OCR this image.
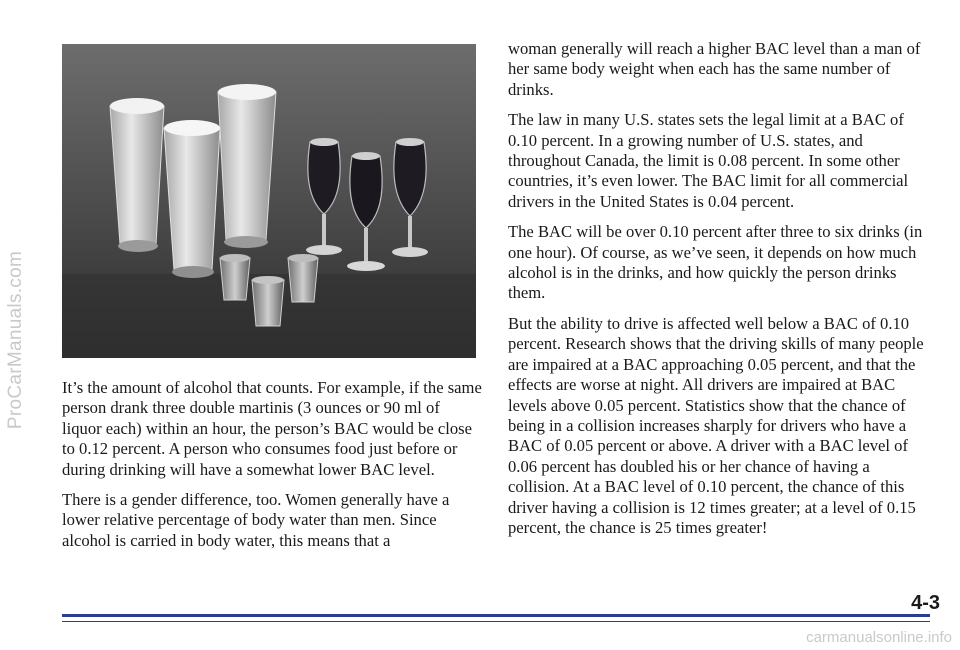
ProCarManuals.com It’s the amount of alcohol that counts. For example, if the same person drank three double martinis (3 ounces or 90 ml of liquor each) within an hour, the person’s BAC would be close to 0.12 percent. A person who consumes food just before or during drinking will have a somewhat lower BAC level.

There is a gender difference, too. Women generally have a lower relative percentage of body water than men. Since alcohol is carried in body water, this means that a

woman generally will reach a higher BAC level than a man of her same body weight when each has the same number of drinks.

The law in many U.S. states sets the legal limit at a BAC of 0.10 percent. In a growing number of U.S. states, and throughout Canada, the limit is 0.08 percent. In some other countries, it’s even lower. The BAC limit for all commercial drivers in the United States is 0.04 percent.

The BAC will be over 0.10 percent after three to six drinks (in one hour). Of course, as we’ve seen, it depends on how much alcohol is in the drinks, and how quickly the person drinks them.

But the ability to drive is affected well below a BAC of 0.10 percent. Research shows that the driving skills of many people are impaired at a BAC approaching 0.05 percent, and that the effects are worse at night. All drivers are impaired at BAC levels above 0.05 percent. Statistics show that the chance of being in a collision increases sharply for drivers who have a BAC of 0.05 percent or above. A driver with a BAC level of 0.06 percent has doubled his or her chance of having a collision. At a BAC level of 0.10 percent, the chance of this driver having a collision is 12 times greater; at a level of 0.15 percent, the chance is 25 times greater!

4-3
carmanualsonline.info
